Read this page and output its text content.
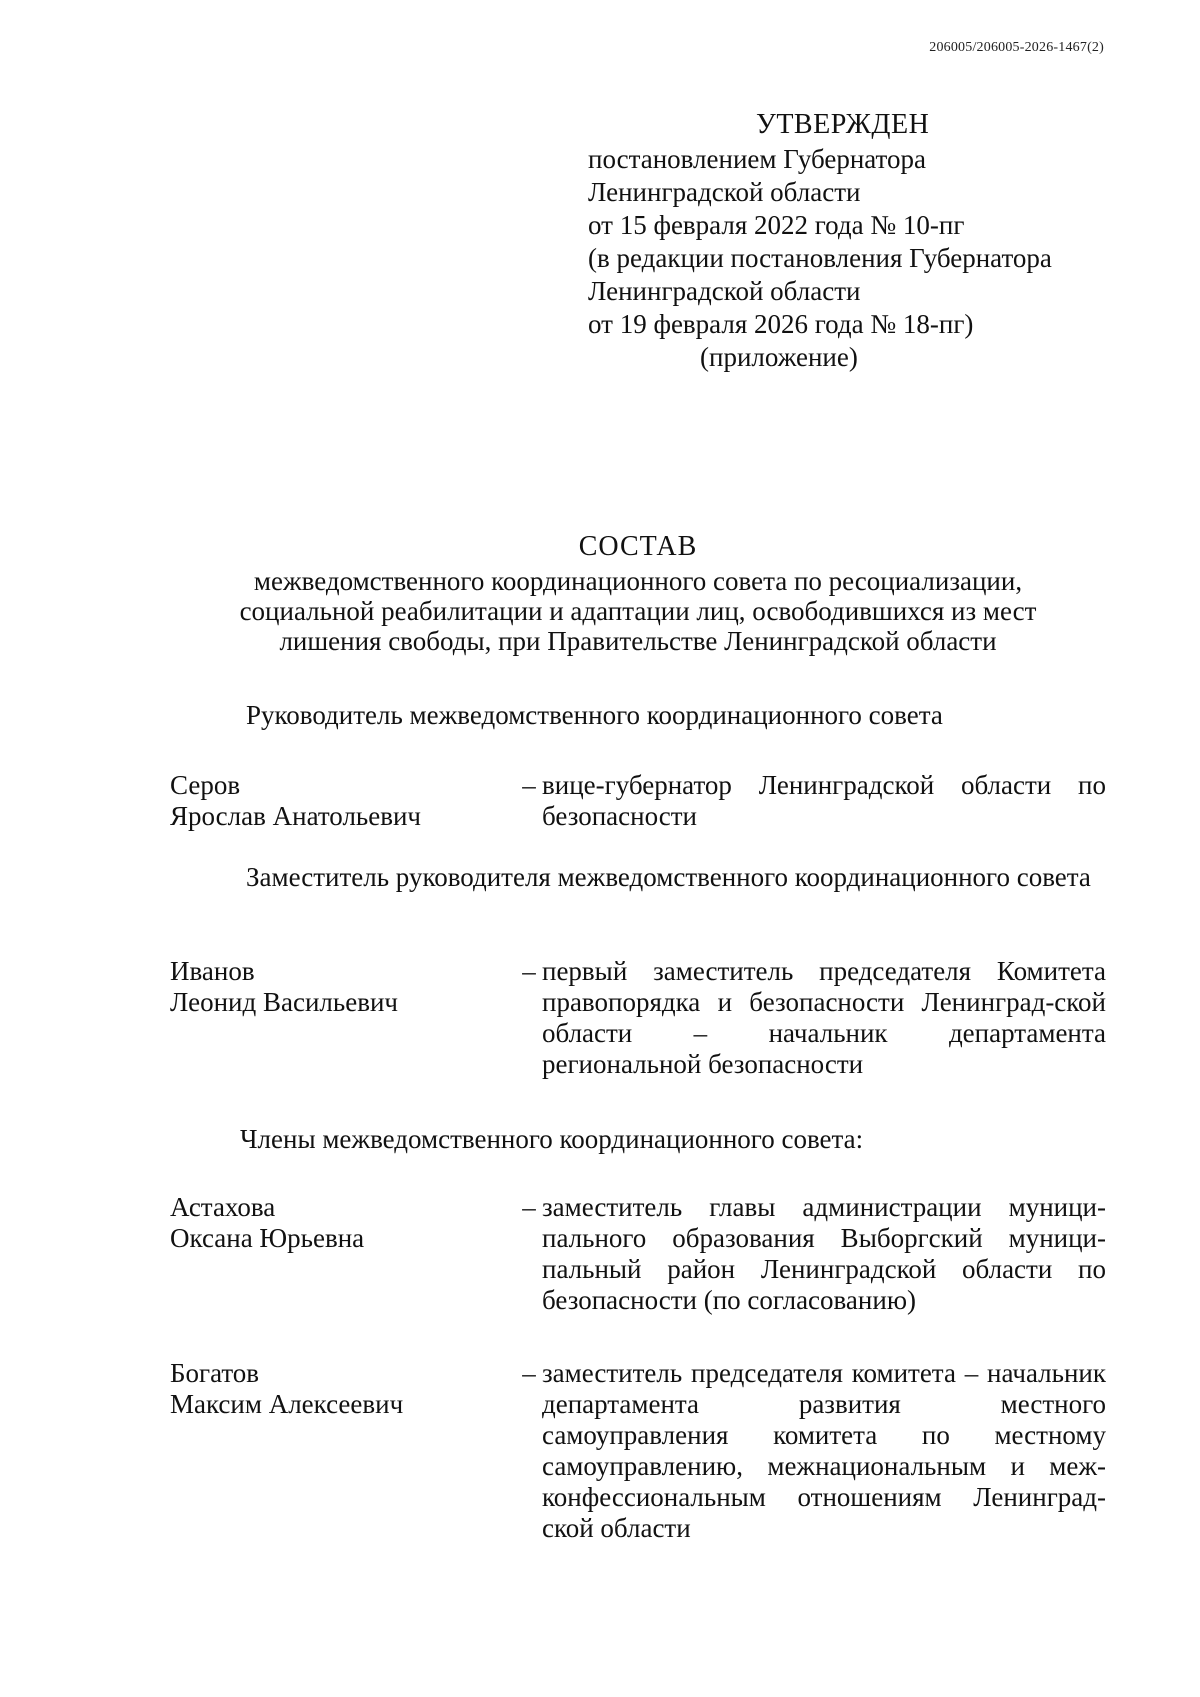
206005/206005-2026-1467(2)
УТВЕРЖДЕН
постановлением Губернатора
Ленинградской области
от 15 февраля 2022 года № 10-пг
(в редакции постановления Губернатора
Ленинградской области
от 19 февраля 2026 года № 18-пг)
(приложение)
СОСТАВ
межведомственного координационного совета по ресоциализации,
социальной реабилитации и адаптации лиц, освободившихся из мест
лишения свободы, при Правительстве Ленинградской области
Руководитель межведомственного координационного совета
Серов
Ярослав Анатольевич
– вице-губернатор Ленинградской области по безопасности
Заместитель руководителя межведомственного координационного совета
Иванов
Леонид Васильевич
– первый заместитель председателя Комитета правопорядка и безопасности Ленинград-ской области – начальник департамента региональной безопасности
Члены межведомственного координационного совета:
Астахова
Оксана Юрьевна
– заместитель главы администрации муници-пального образования Выборгский муници-пальный район Ленинградской области по безопасности (по согласованию)
Богатов
Максим Алексеевич
– заместитель председателя комитета – начальник департамента развития местного самоуправления комитета по местному самоуправлению, межнациональным и меж-конфессиональным отношениям Ленинград-ской области
